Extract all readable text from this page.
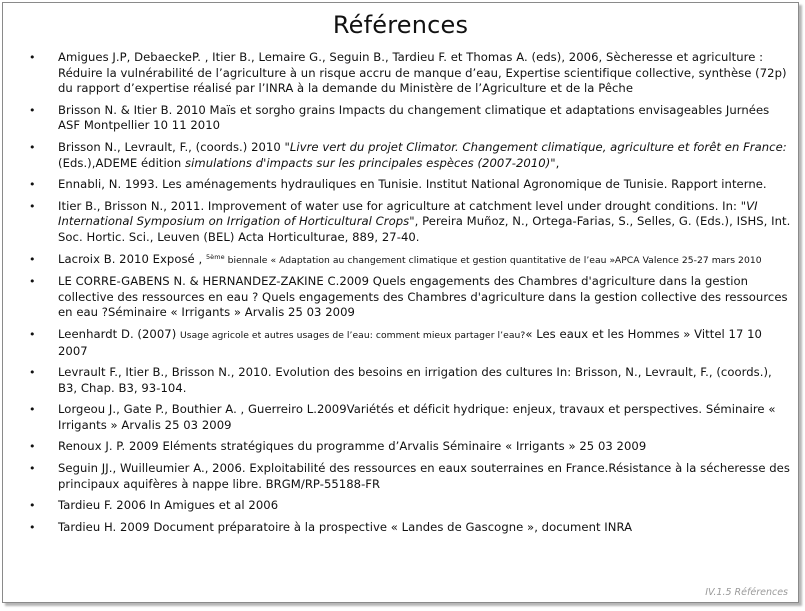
Références
• Amigues J.P, DebaeckeP. , Itier B., Lemaire G., Seguin B., Tardieu F. et Thomas A. (eds), 2006, Sècheresse et agriculture : Réduire la vulnérabilité de l’agriculture à un risque accru de manque d’eau, Expertise scientifique collective, synthèse (72p) du rapport d’expertise réalisé par l’INRA à la demande du Ministère de l’Agriculture et de la Pêche
• Brisson N. & Itier B. 2010 Maïs et sorgho grains Impacts du changement climatique et adaptations envisageables Jurnées ASF Montpellier 10 11 2010
• Brisson N., Levrault, F., (coords.) 2010 "Livre vert du projet Climator. Changement climatique, agriculture et forêt en France: (Eds.),ADEME édition simulations d'impacts sur les principales espèces (2007-2010)",
• Ennabli, N. 1993. Les aménagements hydrauliques en Tunisie. Institut National Agronomique de Tunisie. Rapport interne.
• Itier B., Brisson N., 2011. Improvement of water use for agriculture at catchment level under drought conditions. In: "VI International Symposium on Irrigation of Horticultural Crops", Pereira Muñoz, N., Ortega-Farias, S., Selles, G. (Eds.), ISHS, Int. Soc. Hortic. Sci., Leuven (BEL) Acta Horticulturae, 889, 27-40.
• Lacroix B. 2010 Exposé , $^{5ème}$ biennale « Adaptation au changement climatique et gestion quantitative de l’eau »APCA Valence 25-27 mars 2010
• LE CORRE-GABENS N. & HERNANDEZ-ZAKINE C.2009 Quels engagements des Chambres d'agriculture dans la gestion collective des ressources en eau ? Quels engagements des Chambres d'agriculture dans la gestion collective des ressources en eau ?Séminaire « Irrigants » Arvalis 25 03 2009
• Leenhardt D. (2007) Usage agricole et autres usages de l’eau: comment mieux partager l’eau?« Les eaux et les Hommes » Vittel 17 10 2007
• Levrault F., Itier B., Brisson N., 2010. Evolution des besoins en irrigation des cultures In: Brisson, N., Levrault, F., (coords.), B3, Chap. B3, 93-104.
• Lorgeou J., Gate P., Bouthier A. , Guerreiro L.2009Variétés et déficit hydrique: enjeux, travaux et perspectives. Séminaire « Irrigants » Arvalis 25 03 2009
• Renoux J. P. 2009 Eléments stratégiques du programme d’Arvalis Séminaire « Irrigants » 25 03 2009
• Seguin JJ., Wuilleumier A., 2006. Exploitabilité des ressources en eaux souterraines en France.Résistance à la sécheresse des principaux aquifères à nappe libre. BRGM/RP-55188-FR
• Tardieu F. 2006 In Amigues et al 2006
• Tardieu H. 2009 Document préparatoire à la prospective « Landes de Gascogne », document INRA
IV.1.5 Références
